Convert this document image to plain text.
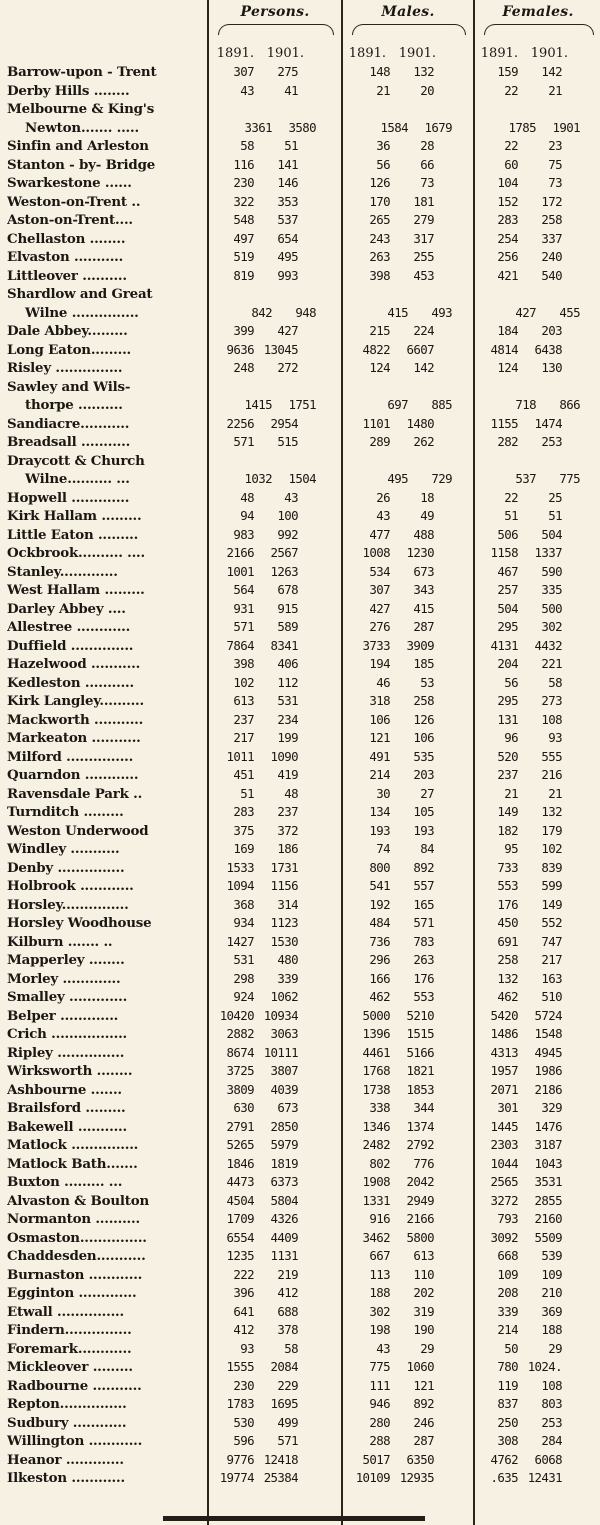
Persons.	Males.	Females.
1891. 1901.	1891. 1901.	1891. 1901.
Barrow-upon - Trent	307	275	148	132	159	142
Derby Hills ........	43	41	21	20	22	21
Melbourne & King's
Newton....... .....	3361	3580	1584	1679	1785	1901
Sinfin and Arleston	58	51	36	28	22	23
Stanton - by- Bridge	116	141	56	66	60	75
Swarkestone ......	230	146	126	73	104	73
Weston-on-Trent ..	322	353	170	181	152	172
Aston-on-Trent....	548	537	265	279	283	258
Chellaston ........	497	654	243	317	254	337
Elvaston ...........	519	495	263	255	256	240
Littleover ..........	819	993	398	453	421	540
Shardlow and Great
Wilne ...............	842	948	415	493	427	455
Dale Abbey.........	399	427	215	224	184	203
Long Eaton.........	9636 13045	4822	6607	4814	6438
Risley ...............	248	272	124	142	124	130
Sawley and Wils-
thorpe ..........	1415	1751	697	885	718	866
Sandiacre...........	2256	2954	1101	1480	1155	1474
Breadsall ...........	571	515	289	262	282	253
Draycott & Church
Wilne.......... ...	1032	1504	495	729	537	775
Hopwell .............	48	43	26	18	22	25
Kirk Hallam .........	94	100	43	49	51	51
Little Eaton .........	983	992	477	488	506	504
Ockbrook.......... ....	2166	2567	1008	1230	1158	1337
Stanley.............	1001	1263	534	673	467	590
West Hallam .........	564	678	307	343	257	335
Darley Abbey ....	931	915	427	415	504	500
Allestree ............	571	589	276	287	295	302
Duffield ..............	7864	8341	3733	3909	4131	4432
Hazelwood ...........	398	406	194	185	204	221
Kedleston ...........	102	112	46	53	56	58
Kirk Langley..........	613	531	318	258	295	273
Mackworth ...........	237	234	106	126	131	108
Markeaton ...........	217	199	121	106	96	93
Milford ...............	1011	1090	491	535	520	555
Quarndon ............	451	419	214	203	237	216
Ravensdale Park ..	51	48	30	27	21	21
Turnditch .........	283	237	134	105	149	132
Weston Underwood	375	372	193	193	182	179
Windley ...........	169	186	74	84	95	102
Denby ...............	1533	1731	800	892	733	839
Holbrook ............	1094	1156	541	557	553	599
Horsley...............	368	314	192	165	176	149
Horsley Woodhouse	934	1123	484	571	450	552
Kilburn ....... ..	1427	1530	736	783	691	747
Mapperley ........	531	480	296	263	258	217
Morley .............	298	339	166	176	132	163
Smalley .............	924	1062	462	553	462	510
Belper .............	10420 10934	5000	5210	5420	5724
Crich .................	2882	3063	1396	1515	1486	1548
Ripley ...............	8674 10111	4461	5166	4313	4945
Wirksworth ........	3725	3807	1768	1821	1957	1986
Ashbourne .......	3809	4039	1738	1853	2071	2186
Brailsford .........	630	673	338	344	301	329
Bakewell ...........	2791	2850	1346	1374	1445	1476
Matlock ...............	5265	5979	2482	2792	2303	3187
Matlock Bath.......	1846	1819	802	776	1044	1043
Buxton ......... ...	4473	6373	1908	2042	2565	3531
Alvaston & Boulton	4504	5804	1331	2949	3272	2855
Normanton ..........	1709	4326	916	2166	793	2160
Osmaston...............	6554	4409	3462	5800	3092	5509
Chaddesden...........	1235	1131	667	613	668	539
Burnaston ............	222	219	113	110	109	109
Egginton .............	396	412	188	202	208	210
Etwall ...............	641	688	302	319	339	369
Findern...............	412	378	198	190	214	188
Foremark............	93	58	43	29	50	29
Mickleover .........	1555	2084	775	1060	780 1024.
Radbourne ...........	230	229	111	121	119	108
Repton...............	1783	1695	946	892	837	803
Sudbury ............	530	499	280	246	250	253
Willington ............	596	571	288	287	308	284
Heanor .............	9776 12418	5017	6350	4762	6068
Ilkeston ............	19774 25384	10109 12935	.635 12431
